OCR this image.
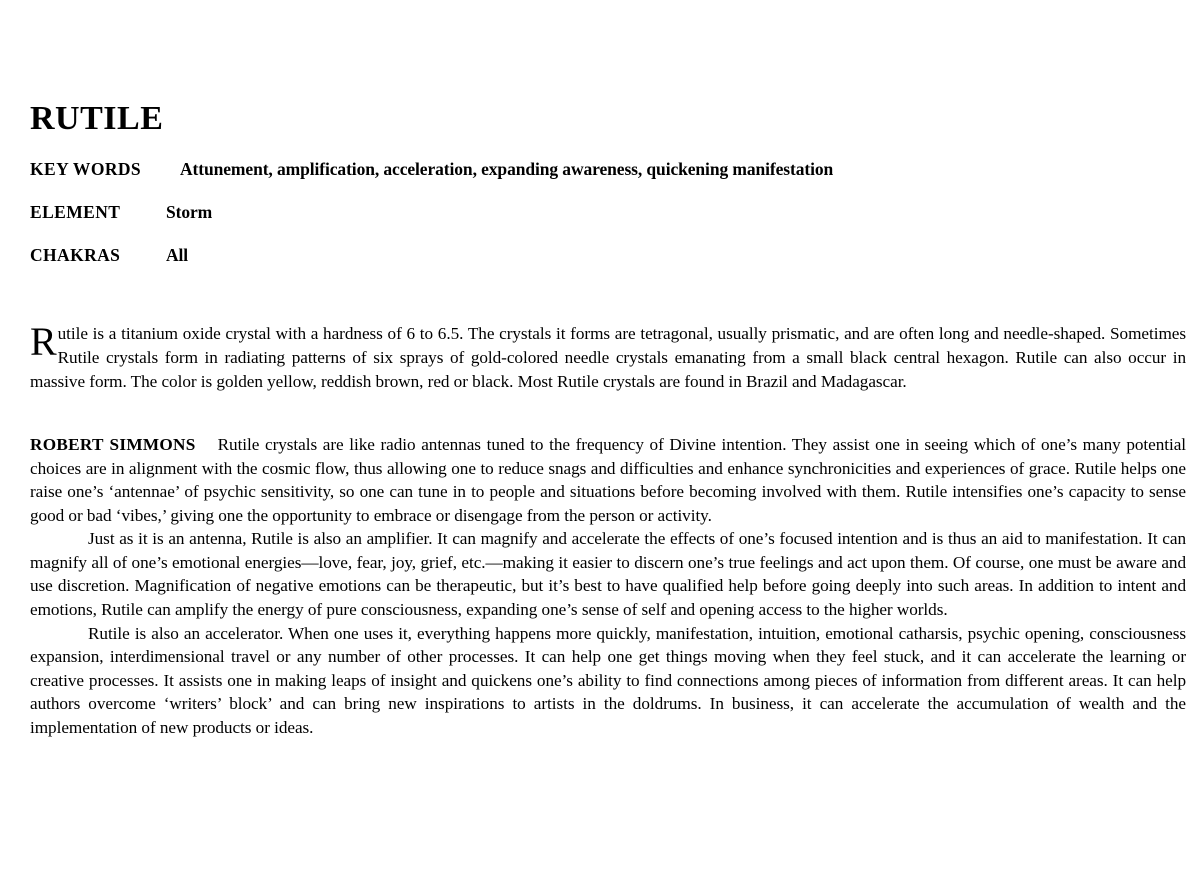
RUTILE
KEY WORDS	Attunement, amplification, acceleration, expanding awareness, quickening manifestation
ELEMENT	Storm
CHAKRAS	All

Rutile is a titanium oxide crystal with a hardness of 6 to 6.5. The crystals it forms are tetragonal, usually prismatic, and are often long and needle-shaped. Sometimes Rutile crystals form in radiating patterns of six sprays of gold-colored needle crystals emanating from a small black central hexagon. Rutile can also occur in massive form. The color is golden yellow, reddish brown, red or black. Most Rutile crystals are found in Brazil and Madagascar.

ROBERT SIMMONS Rutile crystals are like radio antennas tuned to the frequency of Divine intention. They assist one in seeing which of one’s many potential choices are in alignment with the cosmic flow, thus allowing one to reduce snags and difficulties and enhance synchronicities and experiences of grace. Rutile helps one raise one’s ‘antennae’ of psychic sensitivity, so one can tune in to people and situations before becoming involved with them. Rutile intensifies one’s capacity to sense good or bad ‘vibes,’ giving one the opportunity to embrace or disengage from the person or activity.

Just as it is an antenna, Rutile is also an amplifier. It can magnify and accelerate the effects of one’s focused intention and is thus an aid to manifestation. It can magnify all of one’s emotional energies—love, fear, joy, grief, etc.—making it easier to discern one’s true feelings and act upon them. Of course, one must be aware and use discretion. Magnification of negative emotions can be therapeutic, but it’s best to have qualified help before going deeply into such areas. In addition to intent and emotions, Rutile can amplify the energy of pure consciousness, expanding one’s sense of self and opening access to the higher worlds.

Rutile is also an accelerator. When one uses it, everything happens more quickly, manifestation, intuition, emotional catharsis, psychic opening, consciousness expansion, interdimensional travel or any number of other processes. It can help one get things moving when they feel stuck, and it can accelerate the learning or creative processes. It assists one in making leaps of insight and quickens one’s ability to find connections among pieces of information from different areas. It can help authors overcome ‘writers’ block’ and can bring new inspirations to artists in the doldrums. In business, it can accelerate the accumulation of wealth and the implementation of new products or ideas.
